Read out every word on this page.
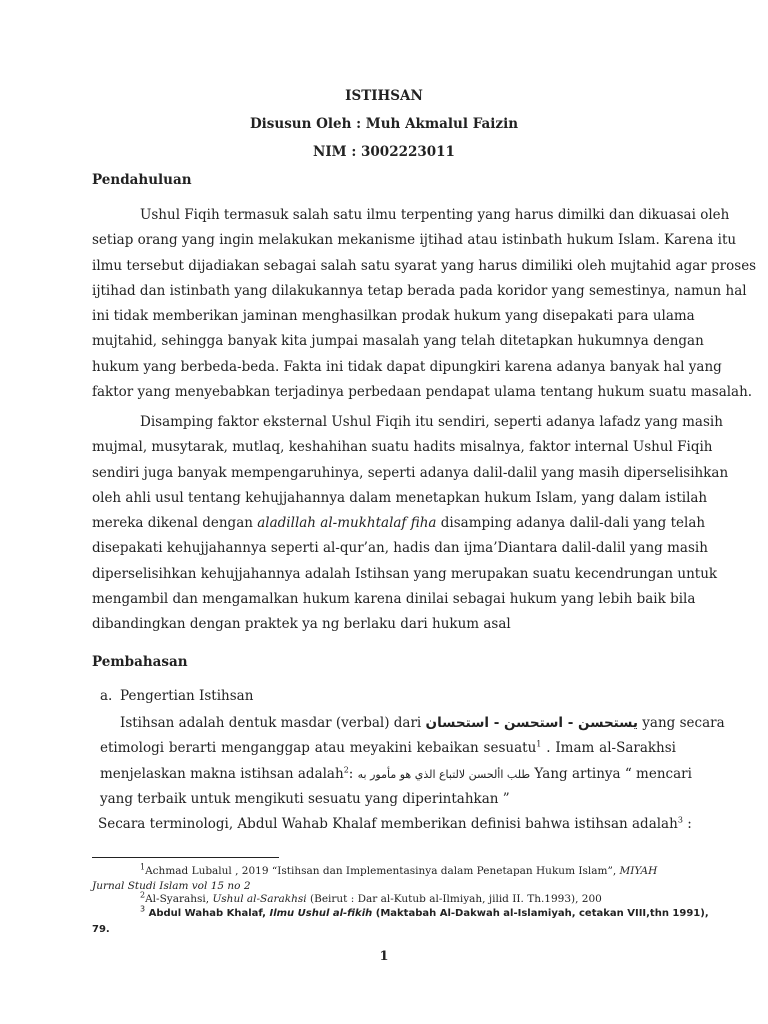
ISTIHSAN
Disusun Oleh : Muh Akmalul Faizin
NIM : 3002223011
Pendahuluan
Ushul Fiqih termasuk salah satu ilmu terpenting yang harus dimilki dan dikuasai oleh
setiap orang yang ingin melakukan mekanisme ijtihad atau istinbath hukum Islam. Karena itu
ilmu tersebut dijadiakan sebagai salah satu syarat yang harus dimiliki oleh mujtahid agar proses
ijtihad dan istinbath yang dilakukannya tetap berada pada koridor yang semestinya, namun hal
ini tidak memberikan jaminan menghasilkan prodak hukum yang disepakati para ulama
mujtahid, sehingga banyak kita jumpai masalah yang telah ditetapkan hukumnya dengan
hukum yang berbeda-beda. Fakta ini tidak dapat dipungkiri karena adanya banyak hal yang
faktor yang menyebabkan terjadinya perbedaan pendapat ulama tentang hukum suatu masalah.
Disamping faktor eksternal Ushul Fiqih itu sendiri, seperti adanya lafadz yang masih
mujmal, musytarak, mutlaq, keshahihan suatu hadits misalnya, faktor internal Ushul Fiqih
sendiri juga banyak mempengaruhinya, seperti adanya dalil-dalil yang masih diperselisihkan
oleh ahli usul tentang kehujjahannya dalam menetapkan hukum Islam, yang dalam istilah
mereka dikenal dengan aladillah al-mukhtalaf fiha disamping adanya dalil-dali yang telah
disepakati kehujjahannya seperti al-qur’an, hadis dan ijma’Diantara dalil-dalil yang masih
diperselisihkan kehujjahannya adalah Istihsan yang merupakan suatu kecendrungan untuk
mengambil dan mengamalkan hukum karena dinilai sebagai hukum yang lebih baik bila
dibandingkan dengan praktek ya ng berlaku dari hukum asal
Pembahasan
a. Pengertian Istihsan
Istihsan adalah dentuk masdar (verbal) dari يستحسن - استحسن - استحسان yang secara
etimologi berarti menganggap atau meyakini kebaikan sesuatu$^1$ . Imam al-Sarakhsi
menjelaskan makna istihsan adalah$^2$: طلب األحسن لالتباع الذي هو مأمور به Yang artinya “ mencari
yang terbaik untuk mengikuti sesuatu yang diperintahkan ”
Secara terminologi, Abdul Wahab Khalaf memberikan definisi bahwa istihsan adalah$^3$ :
$^1$Achmad Lubalul , 2019 “Istihsan dan Implementasinya dalam Penetapan Hukum Islam”, MIYAH
Jurnal Studi Islam vol 15 no 2
$^2$Al-Syarahsi, Ushul al-Sarakhsi (Beirut : Dar al-Kutub al-Ilmiyah, jilid II. Th.1993), 200
$^3$ Abdul Wahab Khalaf, Ilmu Ushul al-fikih (Maktabah Al-Dakwah al-Islamiyah, cetakan VIII,thn 1991),
79.
1
